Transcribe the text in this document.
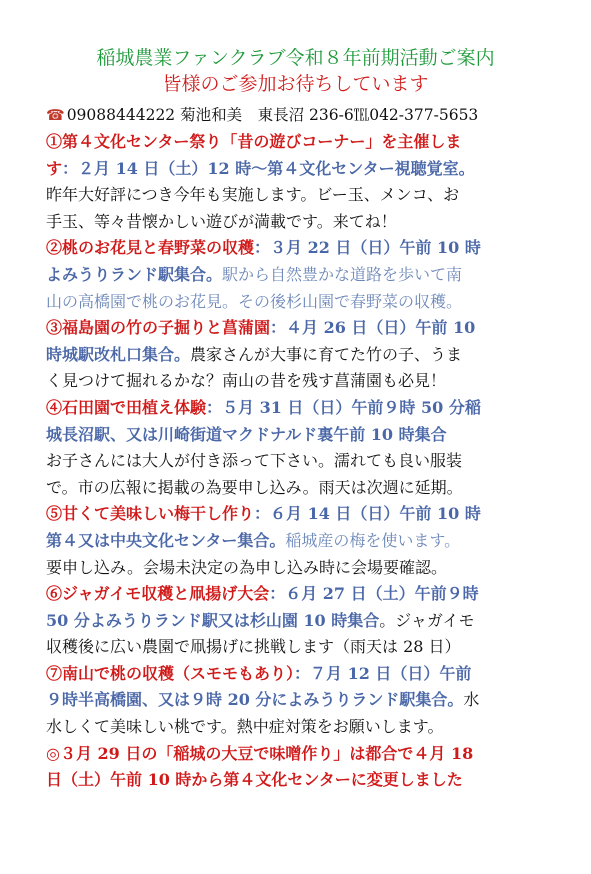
稲城農業ファンクラブ令和８年前期活動ご案内
皆様のご参加お待ちしています
☎ 09088444222 菊池和美　東長沼 236-6℡042-377-5653
①第４文化センター祭り「昔の遊びコーナー」を主催しま
す：２月 14 日（土）12 時〜第４文化センター視聴覚室。
昨年大好評につき今年も実施します。ビー玉、メンコ、お
手玉、等々昔懐かしい遊びが満載です。来てね！
②桃のお花見と春野菜の収穫：３月 22 日（日）午前 10 時
よみうりランド駅集合。駅から自然豊かな道路を歩いて南
山の高橋園で桃のお花見。その後杉山園で春野菜の収穫。
③福島園の竹の子掘りと菖蒲園：４月 26 日（日）午前 10
時城駅改札口集合。農家さんが大事に育てた竹の子、うま
く見つけて掘れるかな？南山の昔を残す菖蒲園も必見！
④石田園で田植え体験：５月 31 日（日）午前９時 50 分稲
城長沼駅、又は川崎街道マクドナルド裏午前 10 時集合
お子さんには大人が付き添って下さい。濡れても良い服装
で。市の広報に掲載の為要申し込み。雨天は次週に延期。
⑤甘くて美味しい梅干し作り：６月 14 日（日）午前 10 時
第４又は中央文化センター集合。稲城産の梅を使います。
要申し込み。会場未決定の為申し込み時に会場要確認。
⑥ジャガイモ収穫と凧揚げ大会：６月 27 日（土）午前９時
50 分よみうりランド駅又は杉山園 10 時集合。ジャガイモ
収穫後に広い農園で凧揚げに挑戦します（雨天は 28 日）
⑦南山で桃の収穫（スモモもあり）：７月 12 日（日）午前
９時半高橋園、又は９時 20 分によみうりランド駅集合。水
水しくて美味しい桃です。熱中症対策をお願いします。
◎３月 29 日の「稲城の大豆で味噌作り」は都合で４月 18
日（土）午前 10 時から第４文化センターに変更しました
